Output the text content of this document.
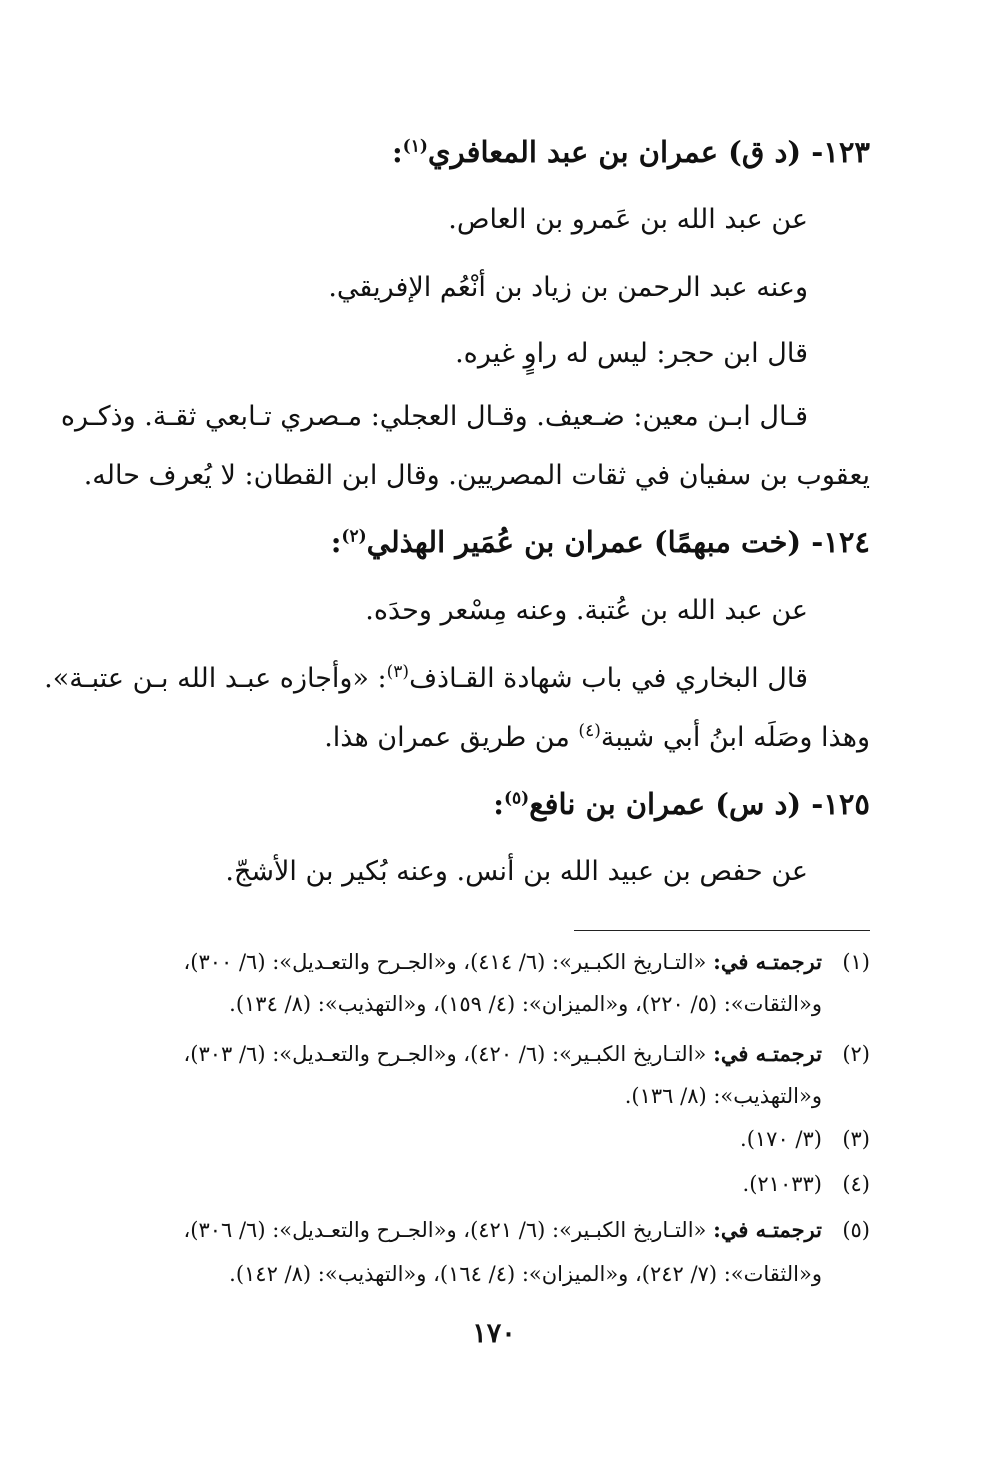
١٢٣- (د ق) عمران بن عبد المعافري$^{(١)}$:
عن عبد الله بن عَمرو بن العاص.
وعنه عبد الرحمن بن زياد بن أنْعُم الإفريقي.
قال ابن حجر: ليس له راوٍ غيره.
قـال ابـن معين: ضـعيف. وقـال العجلي: مـصري تـابعي ثقـة. وذكـره
يعقوب بن سفيان في ثقات المصريين. وقال ابن القطان: لا يُعرف حاله.
١٢٤- (خت مبهمًا) عمران بن عُمَير الهذلي$^{(٢)}$:
عن عبد الله بن عُتبة. وعنه مِسْعر وحدَه.
قال البخاري في باب شهادة القـاذف$^{(٣)}$: «وأجازه عبـد الله بـن عتبـة».
وهذا وصَلَه ابنُ أبي شيبة$^{(٤)}$ من طريق عمران هذا.
١٢٥- (د س) عمران بن نافع$^{(٥)}$:
عن حفص بن عبيد الله بن أنس. وعنه بُكير بن الأشجّ.
(١)ترجمتـه في: «التـاريخ الكبـير»: (٦/ ٤١٤)، و«الجـرح والتعـديل»: (٦/ ٣٠٠)،
و«الثقات»: (٥/ ٢٢٠)، و«الميزان»: (٤/ ١٥٩)، و«التهذيب»: (٨/ ١٣٤).
(٢)ترجمتـه في: «التـاريخ الكبـير»: (٦/ ٤٢٠)، و«الجـرح والتعـديل»: (٦/ ٣٠٣)،
و«التهذيب»: (٨/ ١٣٦).
(٣)(٣/ ١٧٠).
(٤)(٢١٠٣٣).
(٥)ترجمتـه في: «التـاريخ الكبـير»: (٦/ ٤٢١)، و«الجـرح والتعـديل»: (٦/ ٣٠٦)،
و«الثقات»: (٧/ ٢٤٢)، و«الميزان»: (٤/ ١٦٤)، و«التهذيب»: (٨/ ١٤٢).
١٧٠
